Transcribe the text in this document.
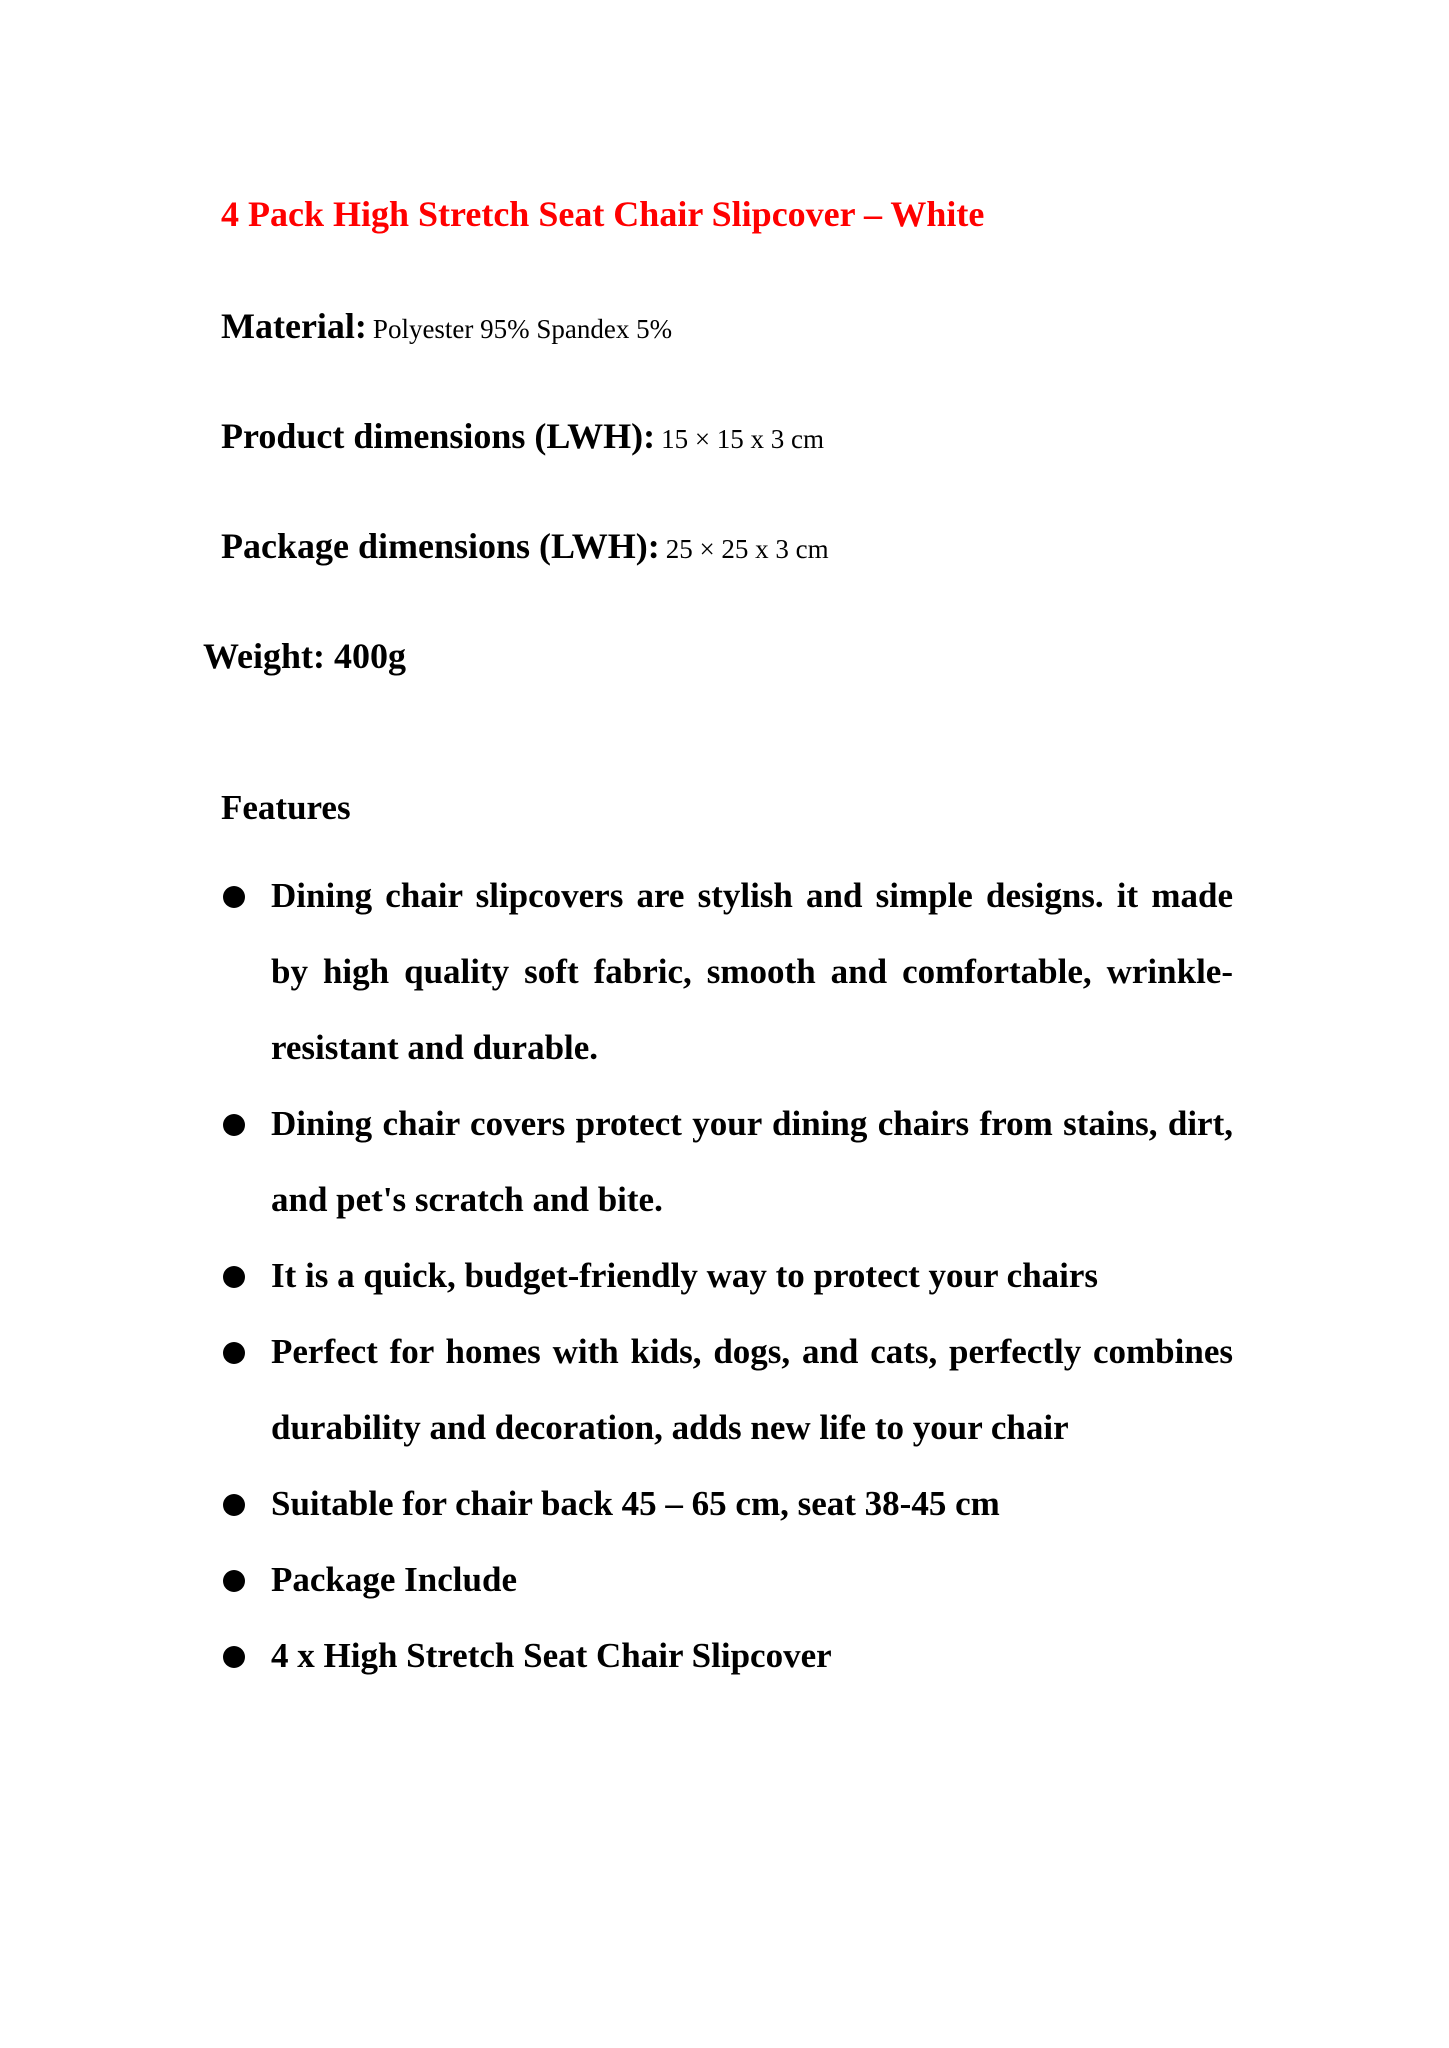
4 Pack High Stretch Seat Chair Slipcover – White
Material: Polyester 95% Spandex 5%
Product dimensions (LWH): 15 × 15 x 3 cm
Package dimensions (LWH): 25 × 25 x 3 cm
Weight: 400g
Features
Dining chair slipcovers are stylish and simple designs. it made by high quality soft fabric, smooth and comfortable, wrinkle-resistant and durable.
Dining chair covers protect your dining chairs from stains, dirt, and pet's scratch and bite.
It is a quick, budget-friendly way to protect your chairs
Perfect for homes with kids, dogs, and cats, perfectly combines durability and decoration, adds new life to your chair
Suitable for chair back 45 – 65 cm, seat 38-45 cm
Package Include
4 x High Stretch Seat Chair Slipcover
